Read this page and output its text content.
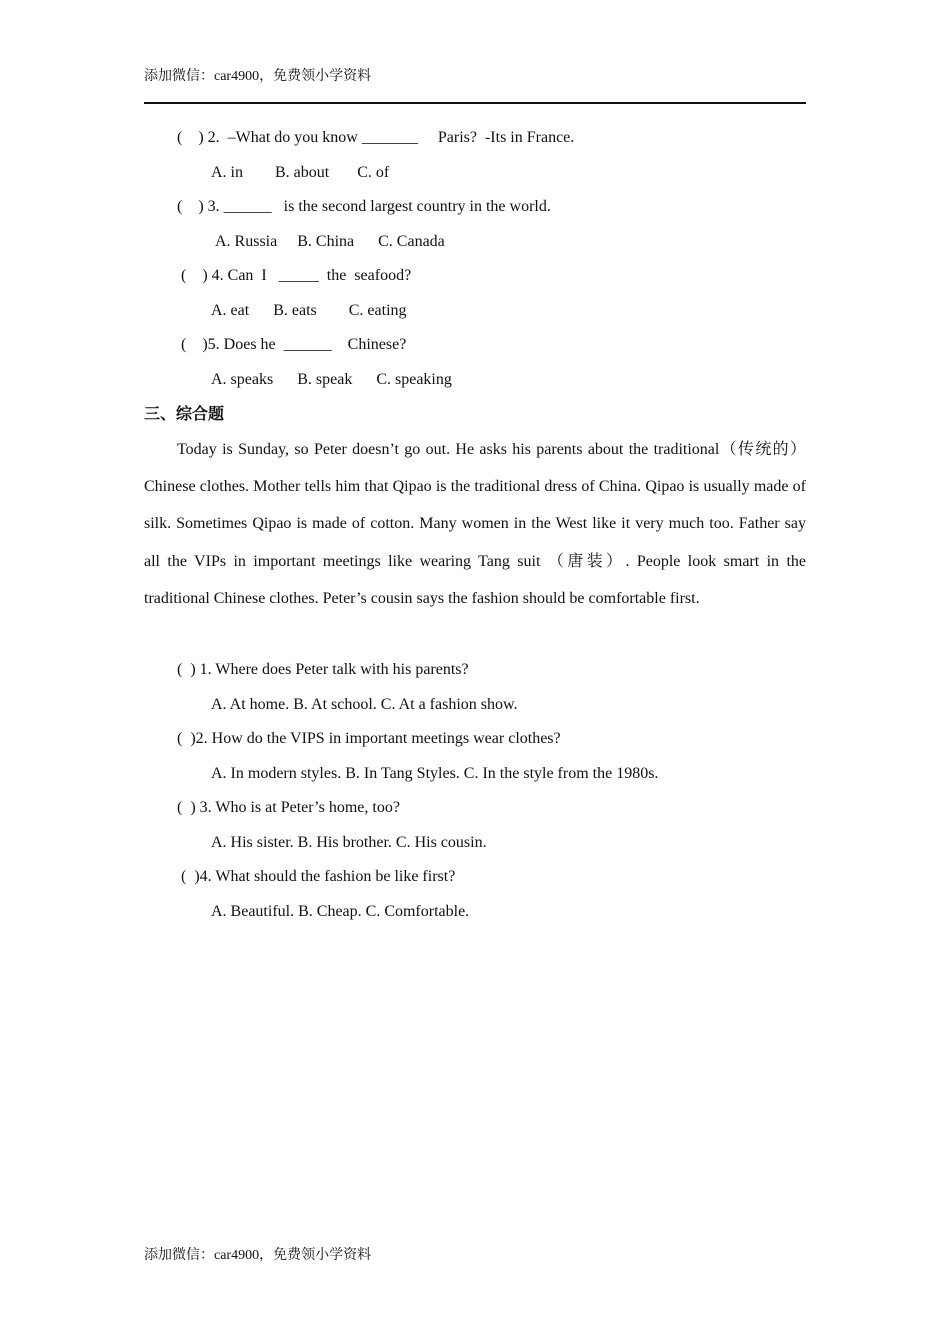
添加微信：car4900，免费领小学资料
(    ) 2.  –What do you know _______     Paris?  -Its in France.
A. in        B. about       C. of
(    ) 3. ______   is the second largest country in the world.
A. Russia     B. China      C. Canada
(    ) 4. Can  I   _____  the  seafood?
A. eat      B. eats        C. eating
(    )5. Does he  ______    Chinese?
A. speaks      B. speak      C. speaking
三、综合题

Today is Sunday, so Peter doesn’t go out. He asks his parents about the traditional（传统的） Chinese clothes. Mother tells him that Qipao is the traditional dress of China. Qipao is usually made of silk. Sometimes Qipao is made of cotton. Many women in the West like it very much too. Father say all the VIPs in important meetings like wearing Tang suit （唐装）. People look smart in the traditional Chinese clothes. Peter’s cousin says the fashion should be comfortable first.

(  ) 1. Where does Peter talk with his parents?
A. At home. B. At school. C. At a fashion show.
(  )2. How do the VIPS in important meetings wear clothes?
A. In modern styles. B. In Tang Styles. C. In the style from the 1980s.
(  ) 3. Who is at Peter’s home, too?
A. His sister. B. His brother. C. His cousin.
(  )4. What should the fashion be like first?
A. Beautiful. B. Cheap. C. Comfortable.
添加微信：car4900，免费领小学资料
